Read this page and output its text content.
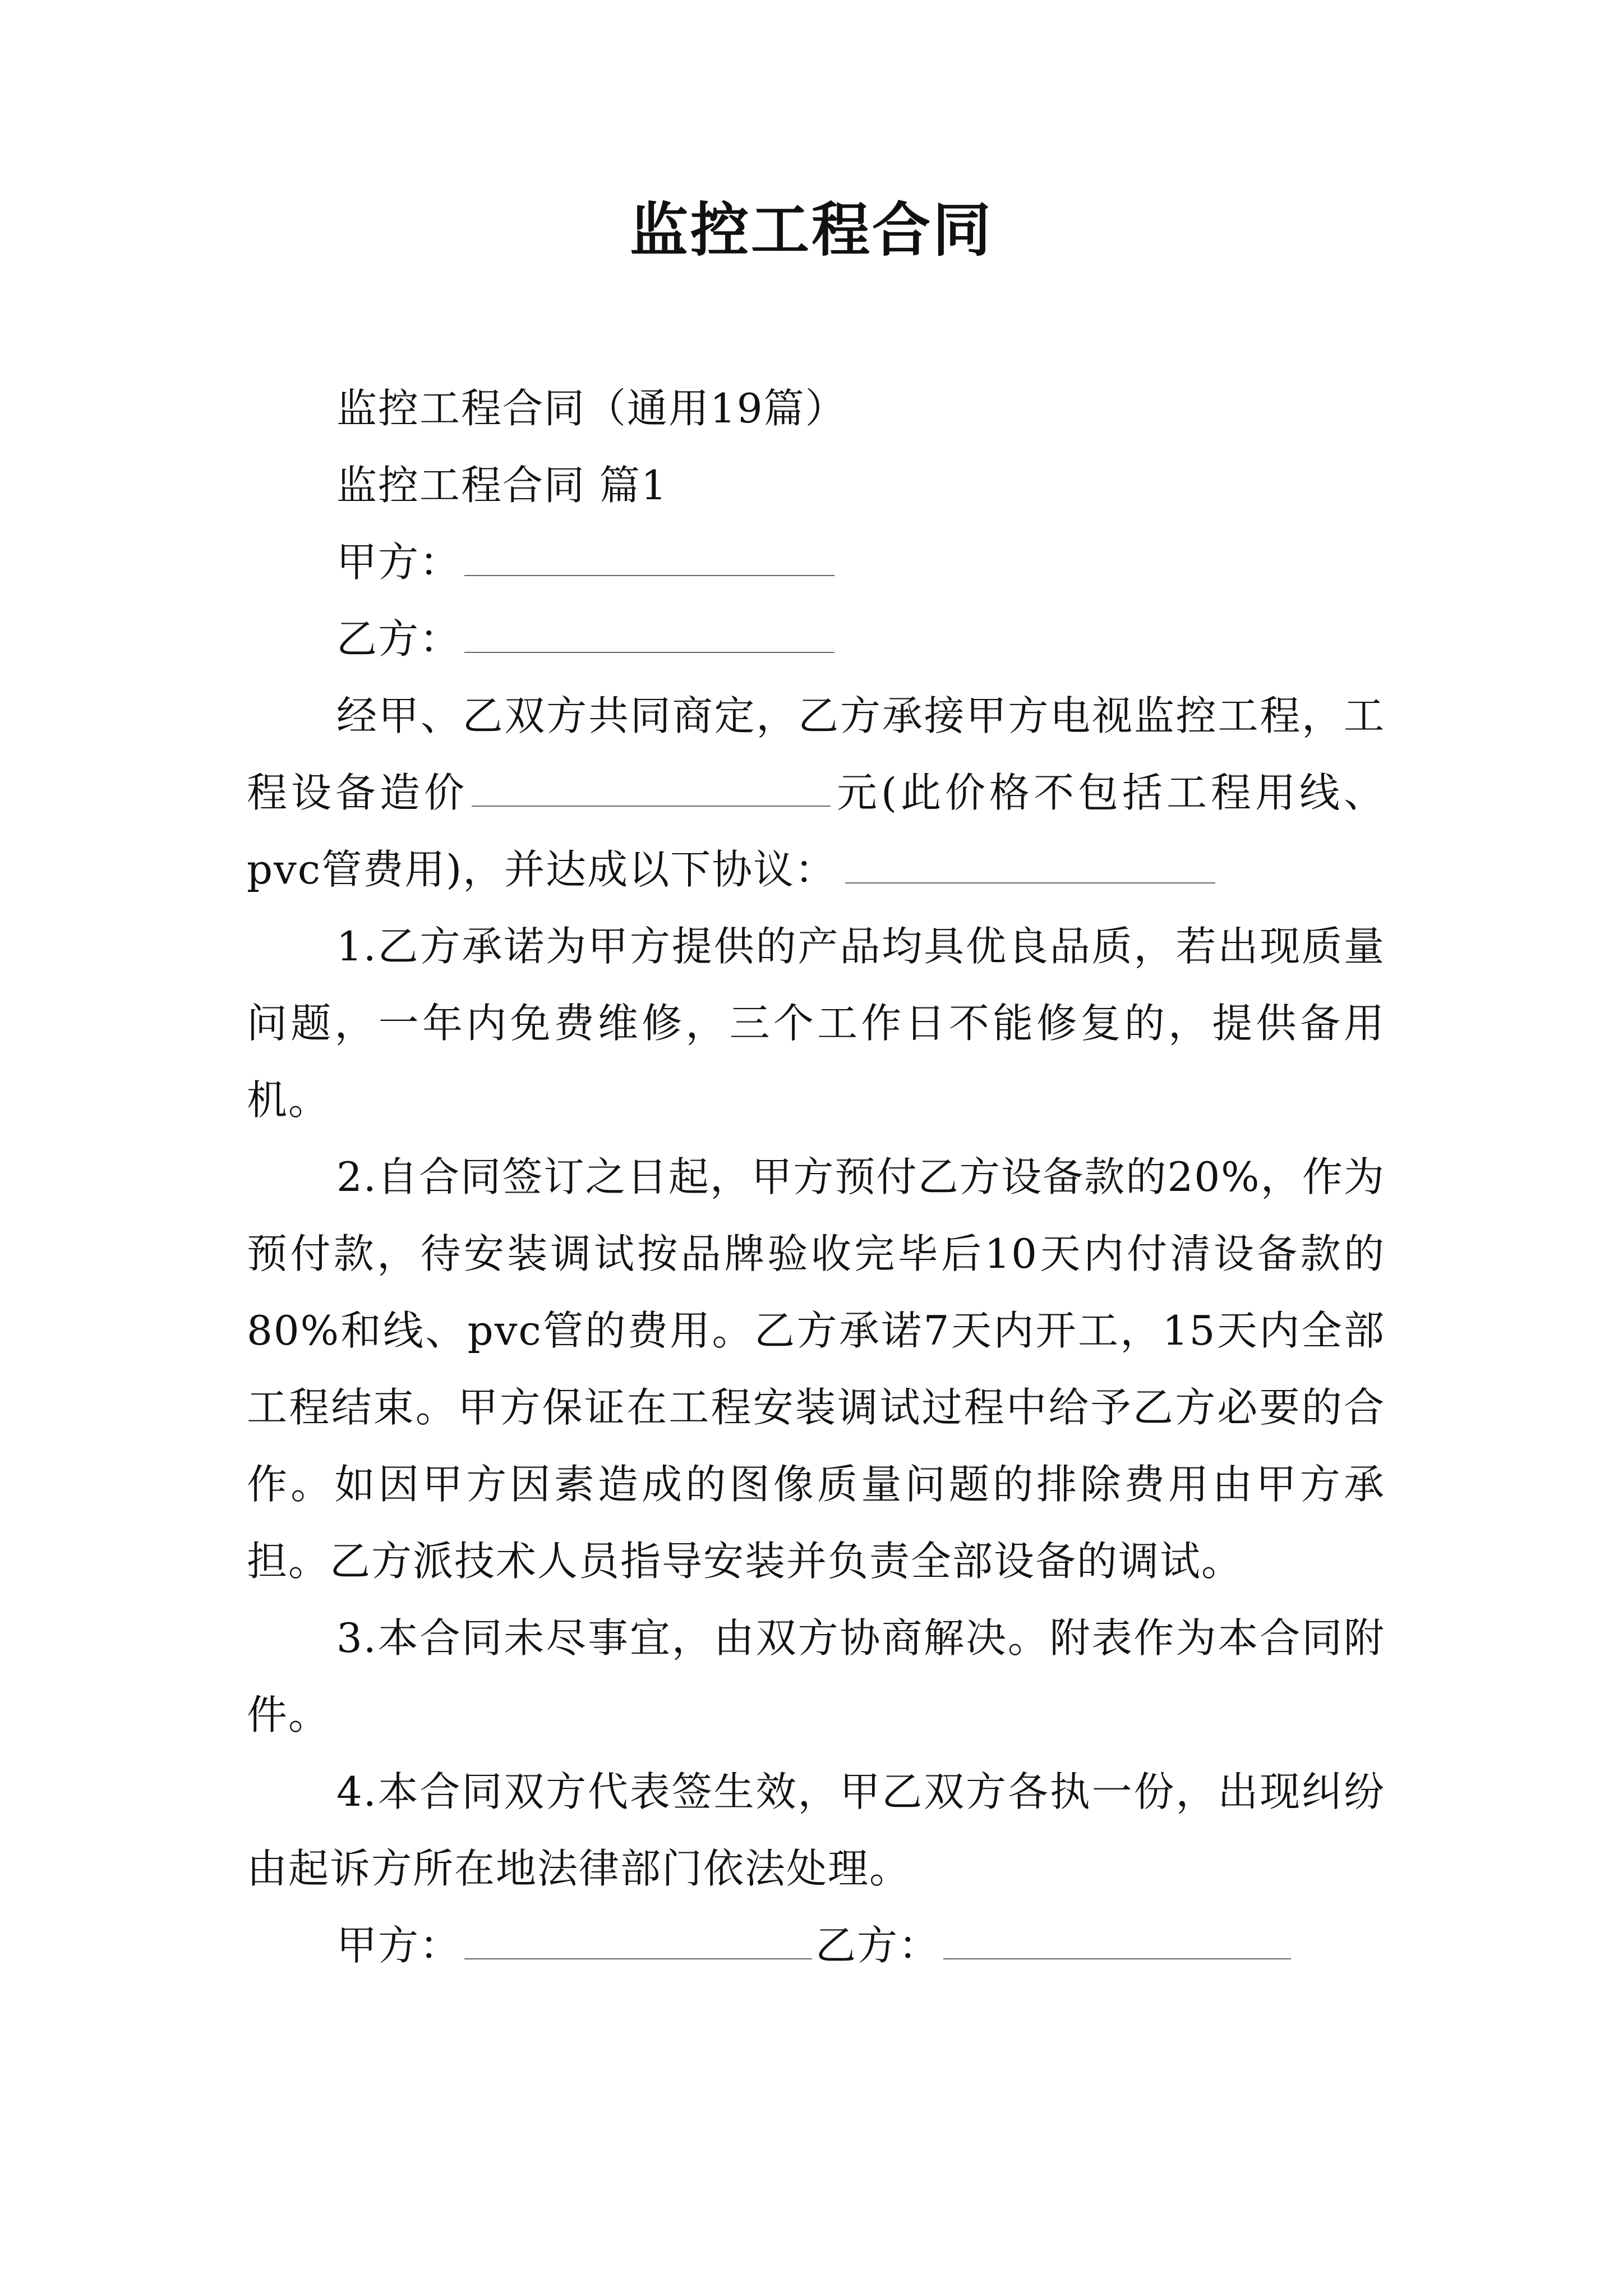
监控工程合同

监控工程合同（通用19篇）

监控工程合同 篇1

甲方：

乙方：

经甲、乙双方共同商定，乙方承接甲方电视监控工程，工程设备造价	元(此价格不包括工程用线、pvc管费用)，并达成以下协议：

1.乙方承诺为甲方提供的产品均具优良品质，若出现质量问题，一年内免费维修，三个工作日不能修复的，提供备用机。

2.自合同签订之日起，甲方预付乙方设备款的20%，作为预付款，待安装调试按品牌验收完毕后10天内付清设备款的80%和线、pvc管的费用。乙方承诺7天内开工，15天内全部工程结束。甲方保证在工程安装调试过程中给予乙方必要的合作。如因甲方因素造成的图像质量问题的排除费用由甲方承担。乙方派技术人员指导安装并负责全部设备的调试。

3.本合同未尽事宜，由双方协商解决。附表作为本合同附件。

4.本合同双方代表签生效，甲乙双方各执一份，出现纠纷由起诉方所在地法律部门依法处理。

甲方：	乙方：
